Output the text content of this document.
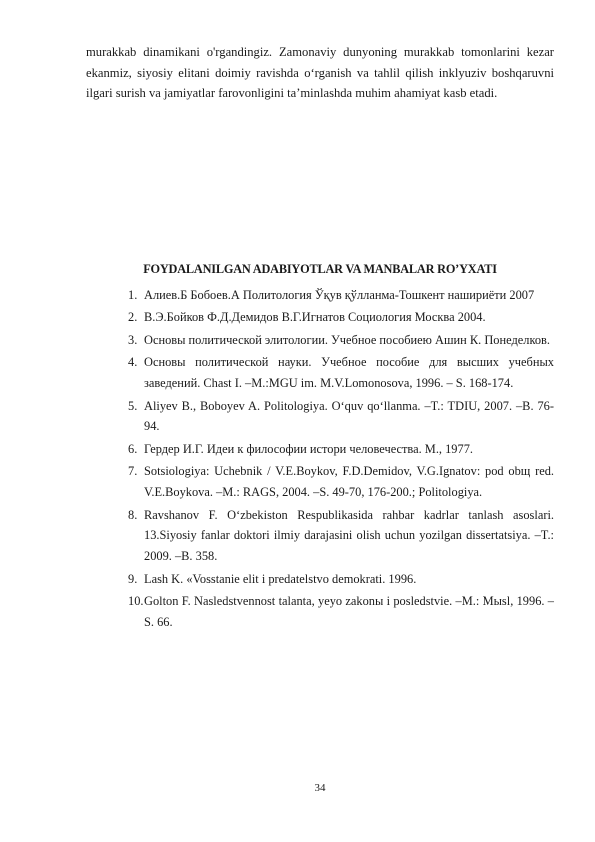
murakkab dinamikani o'rgandingiz. Zamonaviy dunyoning murakkab tomonlarini kezar ekanmiz, siyosiy elitani doimiy ravishda o‘rganish va tahlil qilish inklyuziv boshqaruvni ilgari surish va jamiyatlar farovonligini ta’minlashda muhim ahamiyat kasb etadi.

FOYDALANILGAN ADABIYOTLAR VA MANBALAR RO’YXATI

1. Алиев.Б Бобоев.А Политология Ўқув қўлланма-Тошкент нашириёти 2007
2. В.Э.Бойков Ф.Д.Демидов В.Г.Игнатов Социология Москва 2004.
3. Основы политической элитологии. Учебное пособиею Ашин К. Понеделков.
4. Основы политической науки. Учебное пособие для высших учебных заведений. Chast I. –M.:MGU im. M.V.Lomonosova, 1996. – S. 168-174.
5. Aliyev B., Boboyev A. Politologiya. O‘quv qo‘llanma. –T.: TDIU, 2007. –B. 76-94.
6. Гердер И.Г. Идеи к философии истори человечества. М., 1977.
7. Sotsiologiya: Uchebnik / V.E.Boykov, F.D.Demidov, V.G.Ignatov: pod obщ red. V.E.Boykova. –M.: RAGS, 2004. –S. 49-70, 176-200.; Politologiya.
8. Ravshanov F. O‘zbekiston Respublikasida rahbar kadrlar tanlash asoslari. 13.Siyosiy fanlar doktori ilmiy darajasini olish uchun yozilgan dissertatsiya. –T.: 2009. –B. 358.
9. Lash K. «Vosstanie elit i predatelstvo demokrati. 1996.
10. Golton F. Nasledstvennost talanta, yeyo zakonы i posledstvie. –M.: Mыsl, 1996. –S. 66.

34
